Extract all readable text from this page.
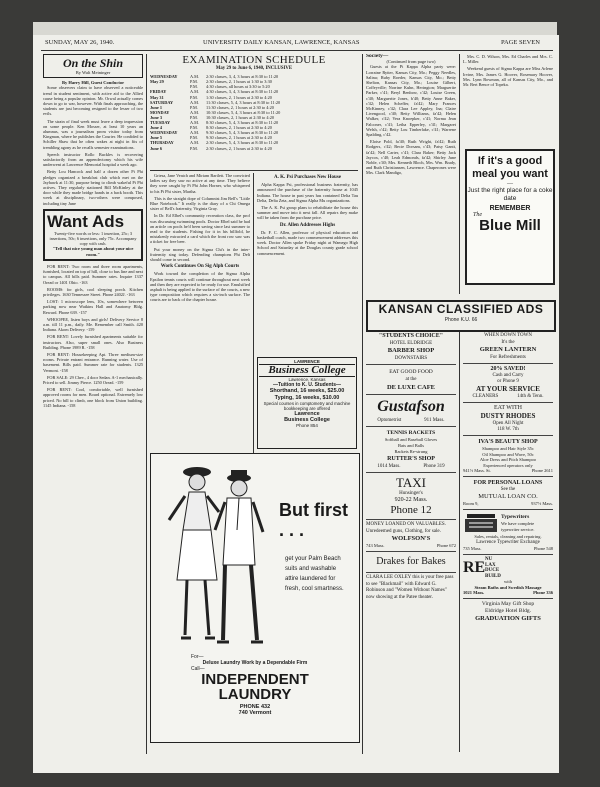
SUNDAY, MAY 26, 1940.	UNIVERSITY DAILY KANSAN, LAWRENCE, KANSAS	PAGE SEVEN
On the Shin
By Walt Meininger
By Harry Hill, Guest Conductor

Some observers claim to have observed a noticeable trend in student sentiment, with active aid to the Allied cause being a popular opinion. Mr. Orwal actually comes down to go to war, however. With finals approaching, the students are just becoming resigned to the lesser of two evils.

The strain of final week must leave a deep impression on some people. Ken Mosser, at least 10 years an alumnus, was a journalism prom visitor today from Kingman, where he publishes the Courier. He confided to Schiller Shaw that he often wakes at night in fits of trembling agony as he recalls semester examinations.

Speech instructor Rollo Buckles is recovering satisfactorily from an appendectomy which his wife underwent at Lawrence Memorial hospital a week ago.

Betty Lou Hancock and half a dozen other Pi Phi pledges organized a breakfast club which met on the Jayhawk at 11:30, purpose being to climb wakeful Pi Phi actives. They regularly stationed Bill McKinley at the door while they made bridge hands in a back booth. This week at disciplinary, two-others were composed, including tiny June

Want Ads
Twenty-five words or less: 1 insertion, 25c; 3 insertions, 50c; 6 insertions, only 75c. Accompany copy with cash.
"Tell that nice young man about your nice room."

FOR RENT: Two room and three room apartments, furnished, located on top of hill, close to bus line and next to campus. All bills paid. Summer rates. Inquire 1337 Oread or 1401 Ohio. -163

ROOMS: for girls, cool sleeping porch. Kitchen privileges. 1630 Tennessee Street. Phone 2402J. -163

LOST: 1 microscope lens, 10x, somewhere between parking now near Watkins Hall and Anatomy Bldg. Reward. Phone 639. -157

WHOOPEE, listen boys and girls! Delivery Service 8 a.m. till 11 p.m., daily. Me. Remember call Smith. 420 Indiana. Akom Delivery. -159

FOR RENT: Lovely furnished apartments suitable for instructors. Also, super small ones. Also Business Building. Phone 1989 R. -158

FOR RENT: Housekeeping Apt. Three medium-size rooms. Private entrant entrance. Running water. Use of basement. Bills paid. Summer rate for students. 1325 Vermont. -158

FOR SALE: 29 Chev., 4 door Sedan. A-1 mechanically. Priced to sell. Jimmy Pierce. 1250 Oread. -159

FOR RENT: Cool, comfortable, well furnished approved rooms for men. Board optional. Extremely low priced. No bill to climb, one block from Union building. 1145 Indiana. -158

EXAMINATION SCHEDULE
May 29 to June 6, 1940, INCLUSIVE
WEDNESDAY	A.M.	2:30 classes, 3, 4, 3 hours at 8:30 to 11:20
May 29	P.M.	2:30 classes, 2, 1 hours at 1:30 to 3:30
P.M.	4:30 classes, all hours at 3:30 to 5:20
FRIDAY	A.M.	4:30 classes, 3, 4, 3 hours at 8:30 to 11:20
May 31	P.M.	1:30 classes, 2, 1 hours at 2:30 to 4:20
SATURDAY	A.M.	11:30 classes, 5, 4, 3 hours at 8:30 to 11:20
June 1	P.M.	11:30 classes, 2, 1 hours at 2:30 to 4:20
MONDAY	A.M.	10:30 classes, 5, 4, 3 hours at 8:30 to 11:20
June 3	P.M.	10:30 classes, 2, 1 hours at 2:30 to 4:20
TUESDAY	A.M.	8:30 classes, 5, 4, 3 hours at 8:30 to 11:20
June 4	P.M.	8:30 classes, 2, 1 hours at 2:30 to 4:20
WEDNESDAY	A.M.	9:30 classes, 5, 4, 3 hours at 8:30 to 11:20
June 5	P.M.	9:30 classes, 2, 1 hours at 2:30 to 4:20
THURSDAY	A.M.	2:30 classes, 5, 4, 3 hours at 8:30 to 11:20
June 6	P.M.	2:30 classes, 2, 1 hours at 2:30 to 4:20

Griesa, Jane Veatch and Miriam Bartlett. The convicted ladies say they saw no active at any time. They believe they were caught by Pi Phi John Horner, who whispered to his Pi Phi sister, Martha.

This is the straight dope of Columnist Jim Bell's "Little Blue Notebook." It really is the diary of a Chi Omega sister of Bell's fraternity, Virginia Gray.

In Dr. Ed Elbel's community recreation class, the prof was discussing swimming pools. Doctor Elbel said he had an article on pools he'd been saving since last summer to read to the students. Fishing for it in his billfold, he mistakenly extracted a card which the front row saw was a ticket for free beer.

Put your money on the Sigma Chi's in the inter-fraternity sing today. Defending champions Phi Delt should come in second.

Work Continues On Sig Alph Courts

Work toward the completion of the Sigma Alpha Epsilon tennis courts will continue throughout next week and then they are expected to be ready for use. Emulsified asphalt is being applied to the surface of the courts, a new type composition which requires a six-inch surface. The courts are to back of the chapter house.

A. K. Psi Purchases New House

Alpha Kappa Psi, professional business fraternity, has announced the purchase of the fraternity house at 1045 Indiana. The house in past years has contained Delta Tau Delta, Delta Zeta, and Sigma Alpha Mu organizations.

The A. K. Psi group plans to rehabilitate the house this summer and move into it next fall. All repairs they make will be taken from the purchase price.

Dr. Allen Addresses Highs

Dr. F. C. Allen, professor of physical education and basketball coach, made two commencement addresses this week. Doctor Allen spoke Friday night at Wamego High School and Saturday at the Douglas county grade school commencement.

LAWRENCE
Business College
Lawrence, Kansas
—Tuition to K. U. Students—
Shorthand, 16 weeks, $25.00
Typing, 16 weeks, $10.00
Special courses in comptometry and machine bookkeeping are offered
Lawrence
Business College
Phone 854
But first . . .
get your Palm Beach suits and washable attire laundered for fresh, cool smartness.
For—
Deluxe Laundry Work by a Dependable Firm
Call—
INDEPENDENT
LAUNDRY
PHONE 432
740 Vermont
Society—
(Continued from page two)

Guests at the Pi Kappa Alpha party were: Lorraine Rytter, Kansas City, Mo.; Peggy Needles, Salina; Ruby Roeder, Kansas City, Mo.; Betty Shelton, Kansas City, Mo.; Louise Gilbert, Coffeyville; Norrine Kuhn, Herington; Marguerite Parker, c'41; Beryl Benbow, c'42; Louise Green, c'40; Marguerite Jones, b'40; Betty Anne Baker, c'42; Helen Scheffer, fa'42; Mary Frances McKinney, c'42; Clara Lee Appley, Ina; Claire Livengood, c'40; Betty Williams, fa'42; Helen Walker, c'42; Vera Knoepker, c'41; Norma Jean Falconer, c'41; Letha Epperley, c'41; Margaret Welsh, c'42; Betty Lou Timberlake, c'41; Warrene Spalding, c'42.

Eloise Pold, fa'40; Ruth Wright, fa'42; Ruth Rodgers, c'42; Becie Dorsam, c'43; Patsy Gantt, fa'42; Nell Carter, c'41; Clara Baker; Betty Jack Jaycox, c'40; Leah Edmonds, fa'42; Shirley June Noble, c'40; Mrs. Kenneth Bloch, Mrs. Wm. Brady, and Ruth Christiansen, Lawrence. Chaperones were Mrs. Clark Mandigo,

Mrs. C. D. Wilson, Mrs. Ed Charles and Mrs. C. L. Miller.

Weekend guests of Sigma Kappa are Miss Arlene Irvine, Mrs. James G. Hoover, Rosemary Hoover, Mrs. Lynn Bowman, all of Kansas City, Mo., and Mr. Bert Bence of Topeka.

If it's a good meal you want
—
Just the right place for a coke date
REMEMBER
The
Blue Mill
KANSAN CLASSIFIED ADS
Phone K.U. 66
"STUDENTS CHOICE"
HOTEL ELDRIDGE
BARBER SHOP
DOWNSTAIRS
EAT GOOD FOOD
at the
DE LUXE CAFE
Gustafson
Optometrist	911 Mass.
TENNIS RACKETS
Softball and Baseball Gloves
Bats and Balls
Rackets Re-strung
RUTTER'S SHOP
1014 Mass.	Phone 319
TAXI
Hunsinger's
920-22 Mass.
Phone 12
MONEY LOANED ON VALUABLES. Unredeemed guns, Clothing, for sale.
WOLFSON'S
743 Mass.	Phone 672
Drakes for Bakes
CLARA LEE OXLEY this is your free pass to see "Blackmail" with Edward G. Robinson and "Women Without Names" now showing at the Patee theater.
WHEN DOWN TOWN
It's the
GREEN LANTERN
For Refreshments
20% SAVED!
Cash and Carry
or Phone 9
AT YOUR SERVICE
CLEANERS	14th & Tenn.
EAT WITH
DUSTY RHODES
Open All Night
118 W. 7th
IVA'S BEAUTY SHOP
Shampoo and Hair Style 35c
Oil Shampoo and Wave, 50c
Aloe Dress and Pitch Shampoo
Experienced operators only
941½ Mass. St.	Phone 2611
FOR PERSONAL LOANS
See the
MUTUAL LOAN CO.
Room 9,	937½ Mass.
Typewriters
We have complete typewriter service.
Sales, rentals, cleaning and repairing.
Lawrence Typewriter Exchange
735 Mass.	Phone 548
RE NU
LAX
DUCE
BUILD
with
Steam Baths and Swedish Massage
1021 Mass.	Phone 336
Virginia May Gift Shop
Eldridge Hotel Bldg.
GRADUATION GIFTS
